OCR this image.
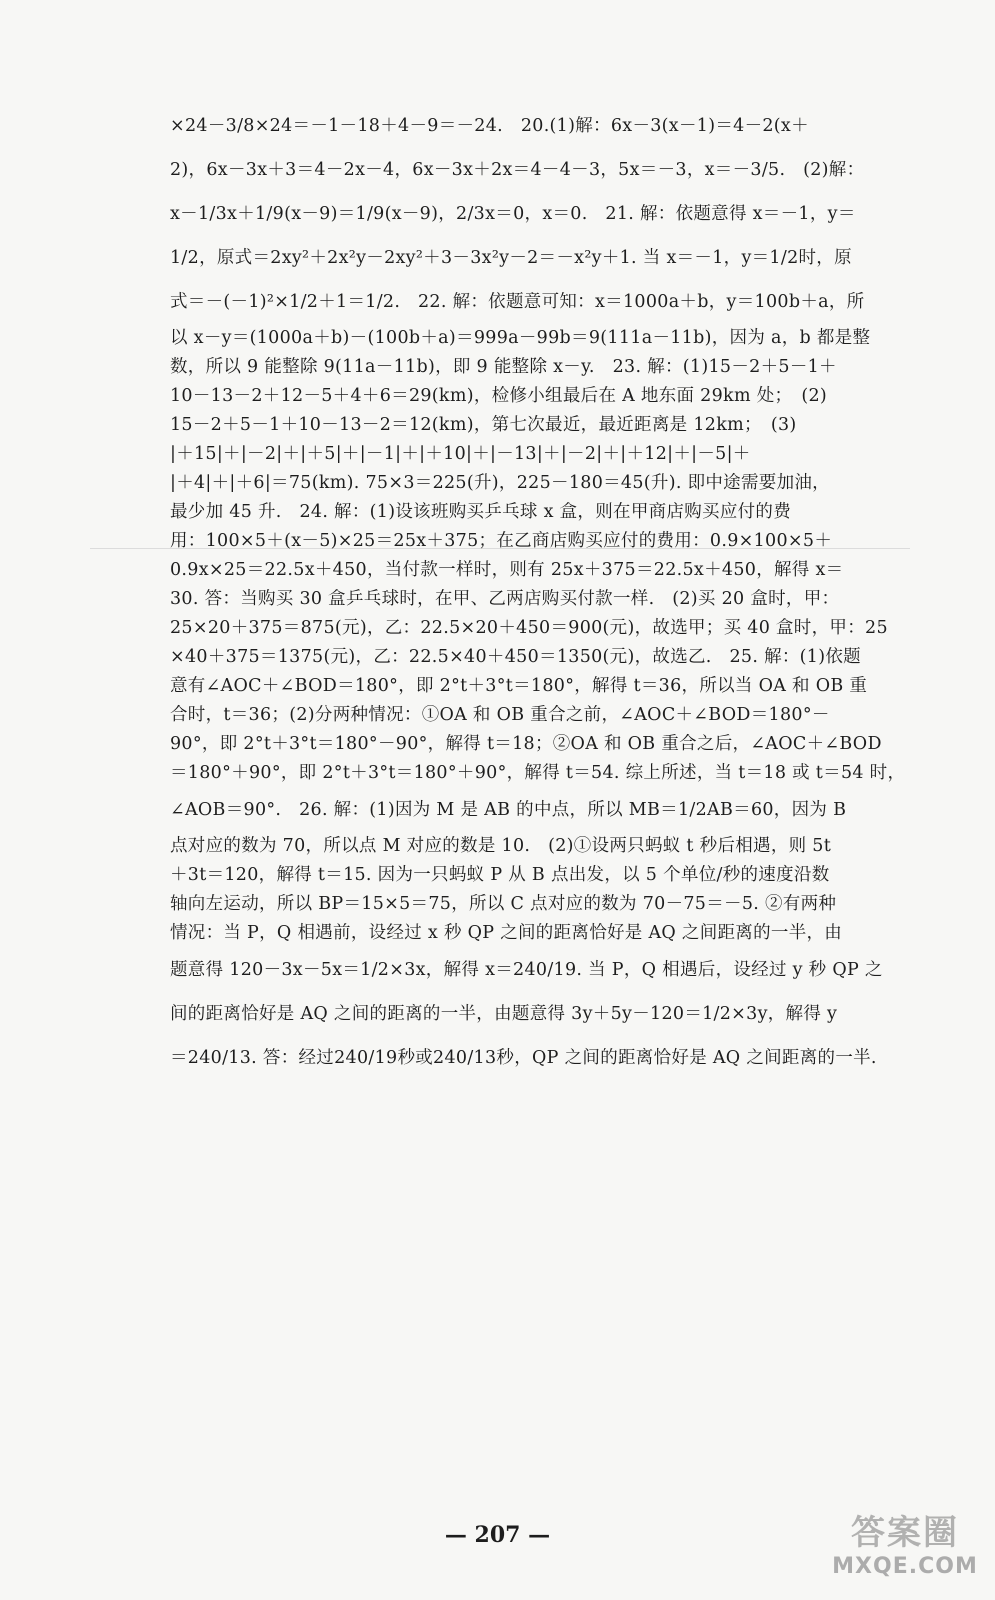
×24－3/8×24＝－1－18＋4－9＝－24.　20.(1)解：6x－3(x－1)＝4－2(x＋
2)，6x－3x＋3＝4－2x－4，6x－3x＋2x＝4－4－3，5x＝－3，x＝－3/5.　(2)解：
x－1/3x＋1/9(x－9)＝1/9(x－9)，2/3x＝0，x＝0.　21. 解：依题意得 x＝－1，y＝
1/2，原式＝2xy²＋2x²y－2xy²＋3－3x²y－2＝－x²y＋1. 当 x＝－1，y＝1/2时，原
式＝－(－1)²×1/2＋1＝1/2.　22. 解：依题意可知：x＝1000a＋b，y＝100b＋a，所
以 x－y＝(1000a＋b)－(100b＋a)＝999a－99b＝9(111a－11b)，因为 a，b 都是整
数，所以 9 能整除 9(11a－11b)，即 9 能整除 x－y.　23. 解：(1)15－2＋5－1＋
10－13－2＋12－5＋4＋6＝29(km)，检修小组最后在 A 地东面 29km 处；　(2)
15－2＋5－1＋10－13－2＝12(km)，第七次最近，最近距离是 12km；　(3)
|＋15|＋|－2|＋|＋5|＋|－1|＋|＋10|＋|－13|＋|－2|＋|＋12|＋|－5|＋
|＋4|＋|＋6|＝75(km). 75×3＝225(升)，225－180＝45(升). 即中途需要加油，
最少加 45 升.　24. 解：(1)设该班购买乒乓球 x 盒，则在甲商店购买应付的费
用：100×5＋(x－5)×25＝25x＋375；在乙商店购买应付的费用：0.9×100×5＋
0.9x×25＝22.5x＋450，当付款一样时，则有 25x＋375＝22.5x＋450，解得 x＝
30. 答：当购买 30 盒乒乓球时，在甲、乙两店购买付款一样.　(2)买 20 盒时，甲：
25×20＋375＝875(元)，乙：22.5×20＋450＝900(元)，故选甲；买 40 盒时，甲：25
×40＋375＝1375(元)，乙：22.5×40＋450＝1350(元)，故选乙.　25. 解：(1)依题
意有∠AOC＋∠BOD＝180°，即 2°t＋3°t＝180°，解得 t＝36，所以当 OA 和 OB 重
合时，t＝36；(2)分两种情况：①OA 和 OB 重合之前，∠AOC＋∠BOD＝180°－
90°，即 2°t＋3°t＝180°－90°，解得 t＝18；②OA 和 OB 重合之后，∠AOC＋∠BOD
＝180°＋90°，即 2°t＋3°t＝180°＋90°，解得 t＝54. 综上所述，当 t＝18 或 t＝54 时，
∠AOB＝90°.　26. 解：(1)因为 M 是 AB 的中点，所以 MB＝1/2AB＝60，因为 B
点对应的数为 70，所以点 M 对应的数是 10.　(2)①设两只蚂蚁 t 秒后相遇，则 5t
＋3t＝120，解得 t＝15. 因为一只蚂蚁 P 从 B 点出发，以 5 个单位/秒的速度沿数
轴向左运动，所以 BP＝15×5＝75，所以 C 点对应的数为 70－75＝－5. ②有两种
情况：当 P，Q 相遇前，设经过 x 秒 QP 之间的距离恰好是 AQ 之间距离的一半，由
题意得 120－3x－5x＝1/2×3x，解得 x＝240/19. 当 P，Q 相遇后，设经过 y 秒 QP 之
间的距离恰好是 AQ 之间的距离的一半，由题意得 3y＋5y－120＝1/2×3y，解得 y
＝240/13. 答：经过240/19秒或240/13秒，QP 之间的距离恰好是 AQ 之间距离的一半.
— 207 —	答案圈
MXQE.COM
